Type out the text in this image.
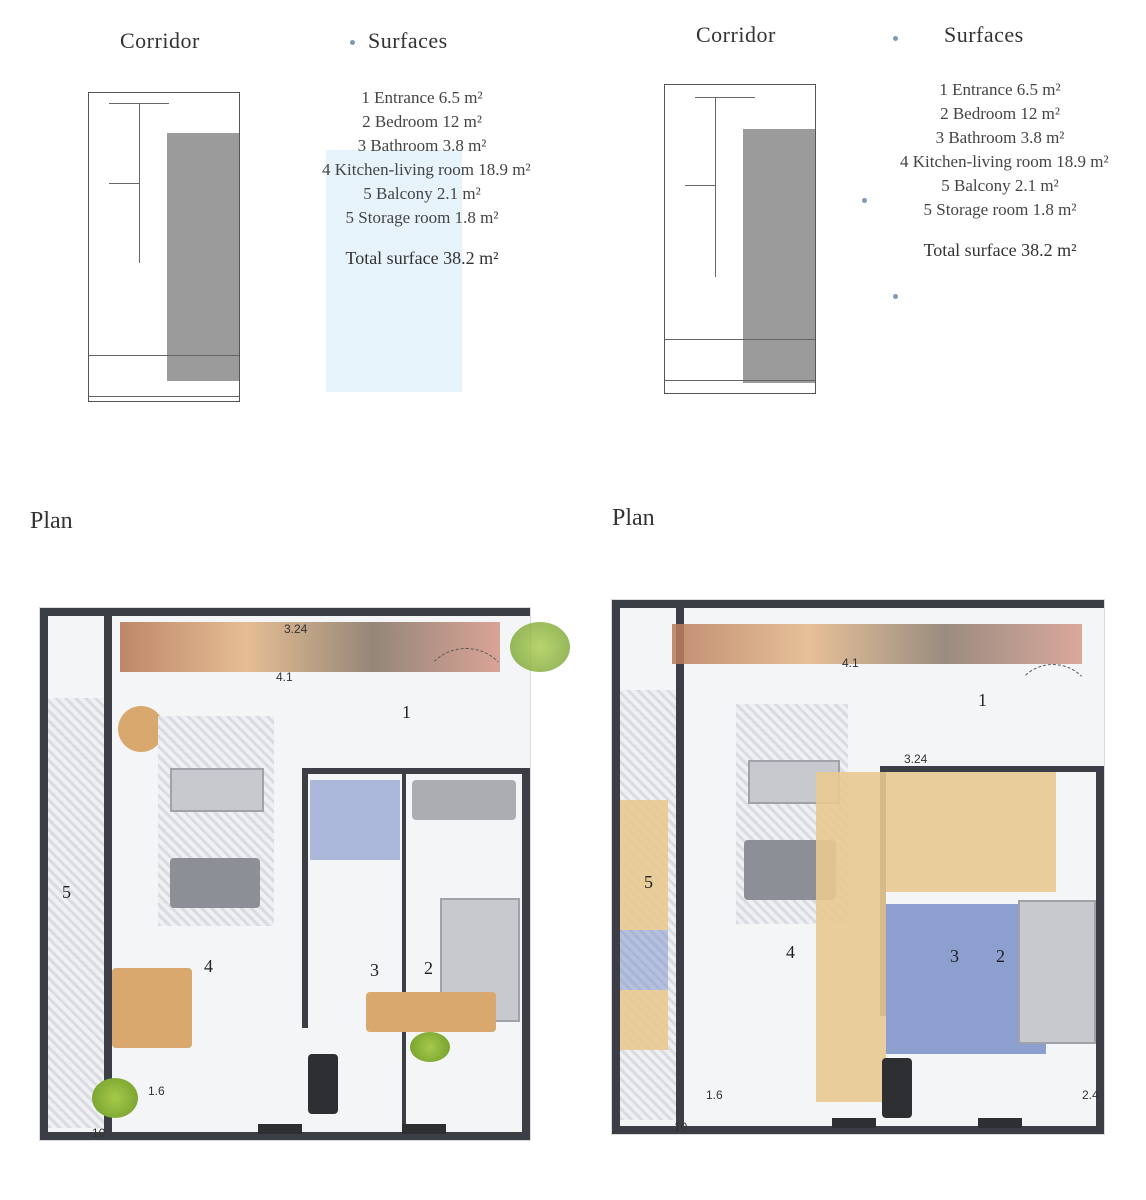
Corridor	Surfaces
1 Entrance 6.5 m²
2 Bedroom 12 m²
3 Bathroom 3.8 m²
4 Kitchen-living room 18.9 m²
5 Balcony 2.1 m²
5 Storage room 1.8 m²
Total surface 38.2 m²
Corridor	Surfaces
1 Entrance 6.5 m²
2 Bedroom 12 m²
3 Bathroom 3.8 m²
4 Kitchen-living room 18.9 m²
5 Balcony 2.1 m²
5 Storage room 1.8 m²
Total surface 38.2 m²
Plan
1
2
3
4
5
3.24
1.6
4.1
10
Plan
1
2
3
4
5
3.24
1.6
4.1
10
2.4
